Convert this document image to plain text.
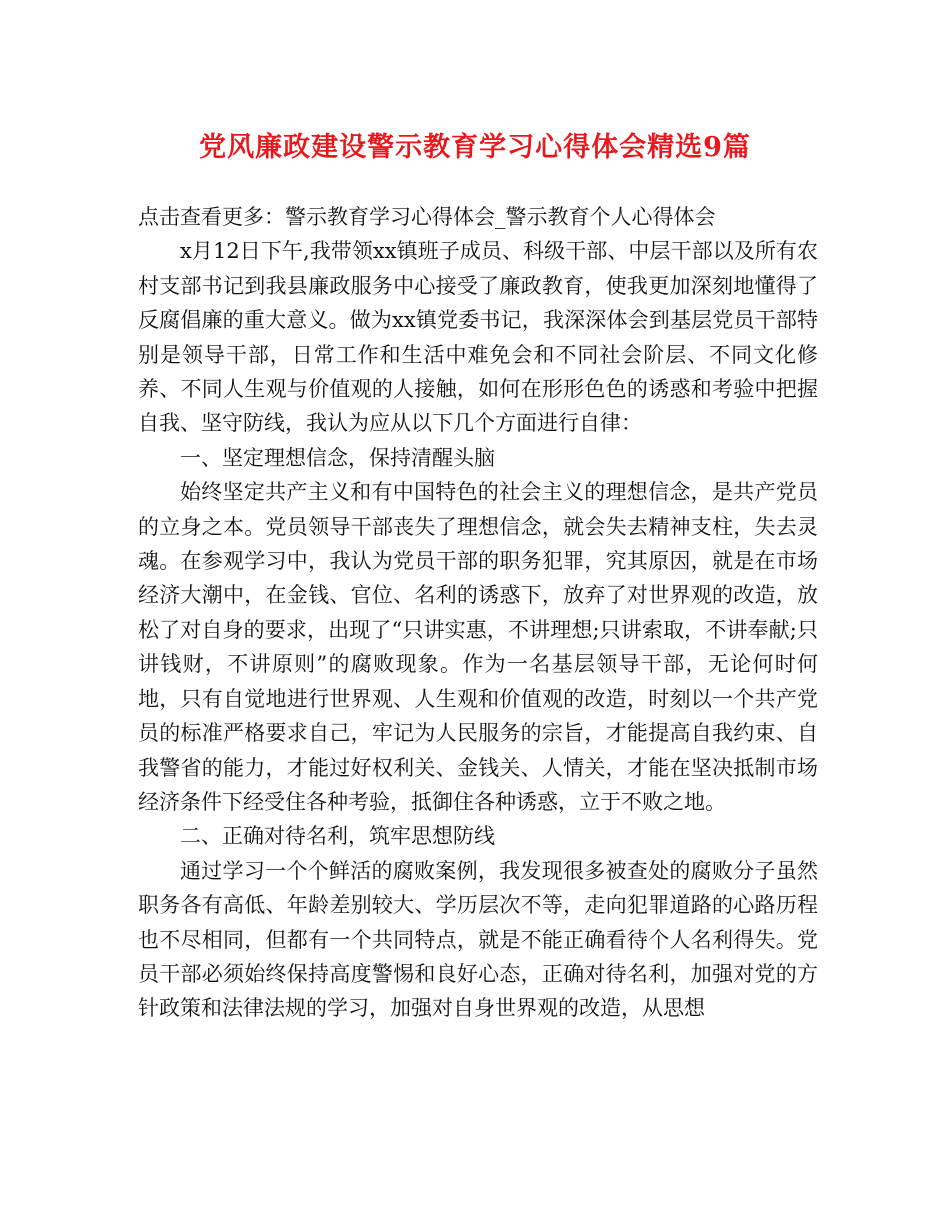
党风廉政建设警示教育学习心得体会精选9篇

点击查看更多：警示教育学习心得体会_警示教育个人心得体会

x月12日下午,我带领xx镇班子成员、科级干部、中层干部以及所有农村支部书记到我县廉政服务中心接受了廉政教育，使我更加深刻地懂得了反腐倡廉的重大意义。做为xx镇党委书记，我深深体会到基层党员干部特别是领导干部，日常工作和生活中难免会和不同社会阶层、不同文化修养、不同人生观与价值观的人接触，如何在形形色色的诱惑和考验中把握自我、坚守防线，我认为应从以下几个方面进行自律：

一、坚定理想信念，保持清醒头脑

始终坚定共产主义和有中国特色的社会主义的理想信念，是共产党员的立身之本。党员领导干部丧失了理想信念，就会失去精神支柱，失去灵魂。在参观学习中，我认为党员干部的职务犯罪，究其原因，就是在市场经济大潮中，在金钱、官位、名利的诱惑下，放弃了对世界观的改造，放松了对自身的要求，出现了“只讲实惠，不讲理想;只讲索取，不讲奉献;只讲钱财，不讲原则”的腐败现象。作为一名基层领导干部，无论何时何地，只有自觉地进行世界观、人生观和价值观的改造，时刻以一个共产党员的标准严格要求自己，牢记为人民服务的宗旨，才能提高自我约束、自我警省的能力，才能过好权利关、金钱关、人情关，才能在坚决抵制市场经济条件下经受住各种考验，抵御住各种诱惑，立于不败之地。

二、正确对待名利，筑牢思想防线

通过学习一个个鲜活的腐败案例，我发现很多被查处的腐败分子虽然职务各有高低、年龄差别较大、学历层次不等，走向犯罪道路的心路历程也不尽相同，但都有一个共同特点，就是不能正确看待个人名利得失。党员干部必须始终保持高度警惕和良好心态，正确对待名利，加强对党的方针政策和法律法规的学习，加强对自身世界观的改造，从思想
